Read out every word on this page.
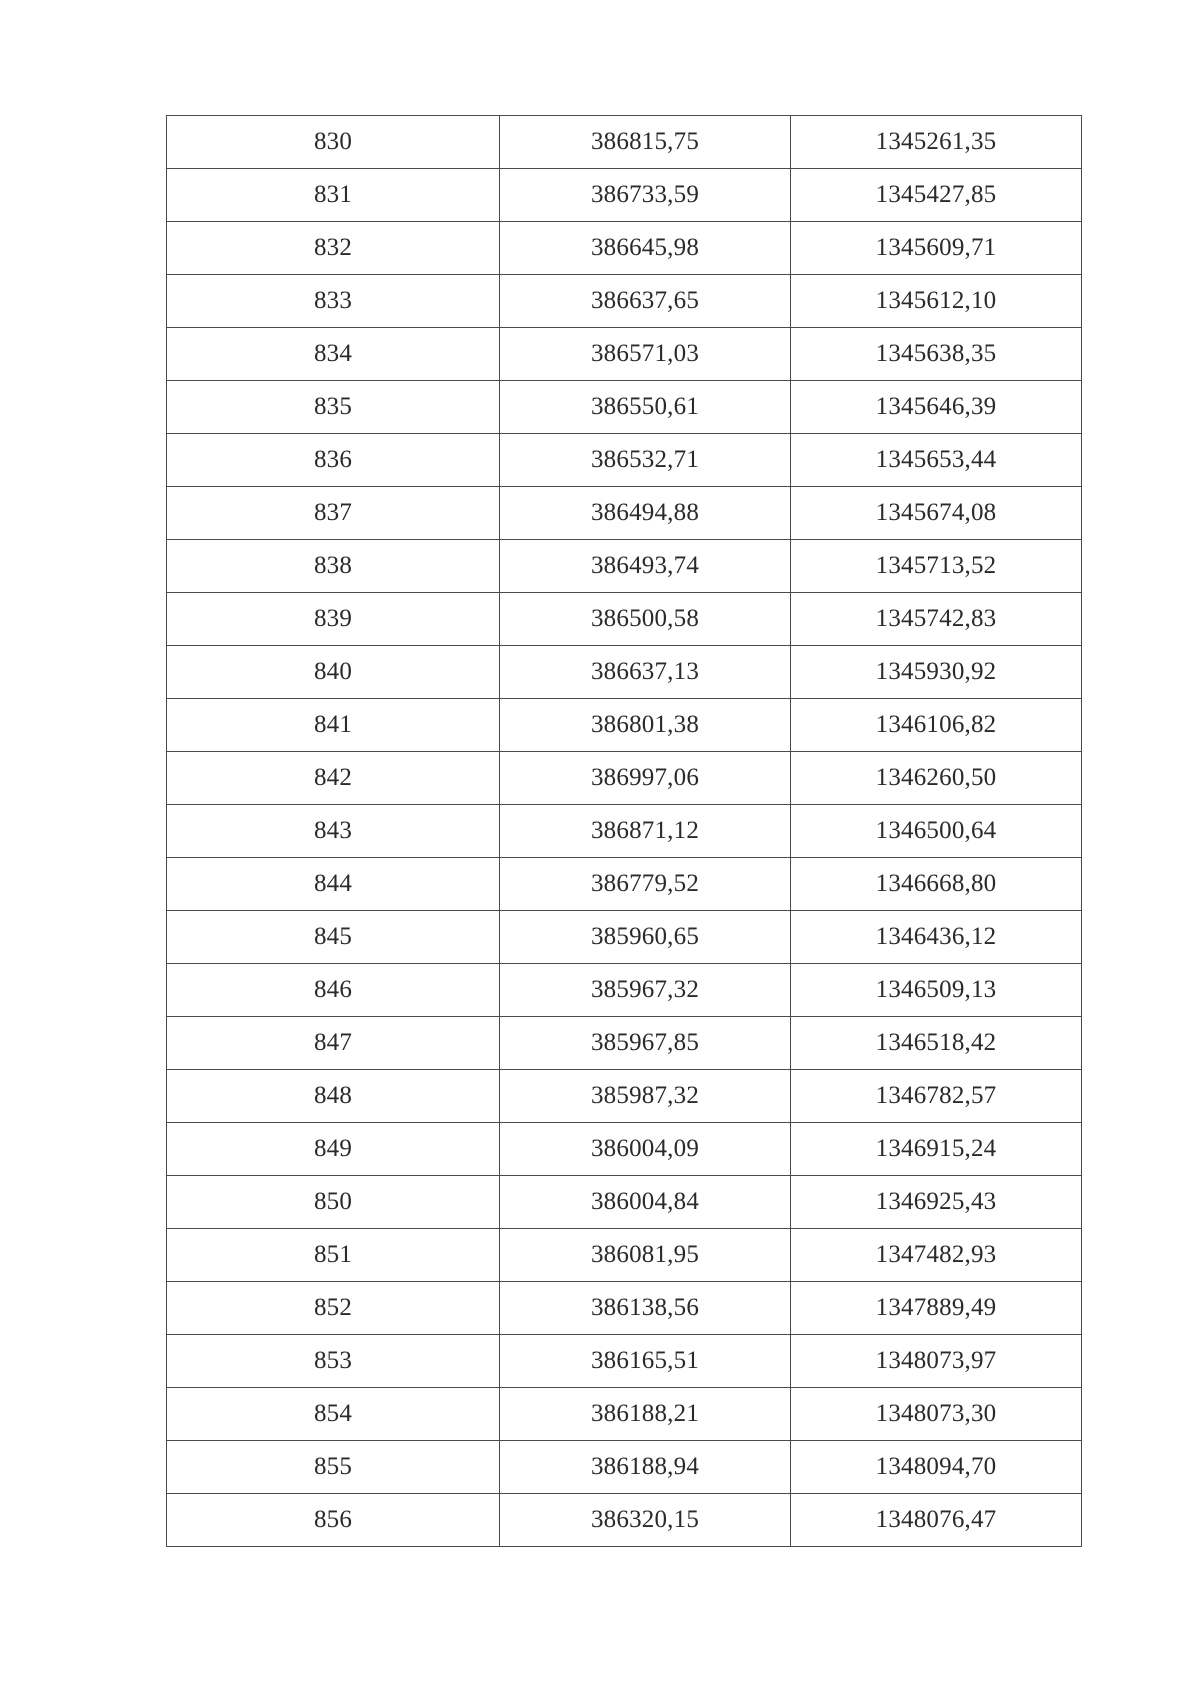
830	386815,75	1345261,35
831	386733,59	1345427,85
832	386645,98	1345609,71
833	386637,65	1345612,10
834	386571,03	1345638,35
835	386550,61	1345646,39
836	386532,71	1345653,44
837	386494,88	1345674,08
838	386493,74	1345713,52
839	386500,58	1345742,83
840	386637,13	1345930,92
841	386801,38	1346106,82
842	386997,06	1346260,50
843	386871,12	1346500,64
844	386779,52	1346668,80
845	385960,65	1346436,12
846	385967,32	1346509,13
847	385967,85	1346518,42
848	385987,32	1346782,57
849	386004,09	1346915,24
850	386004,84	1346925,43
851	386081,95	1347482,93
852	386138,56	1347889,49
853	386165,51	1348073,97
854	386188,21	1348073,30
855	386188,94	1348094,70
856	386320,15	1348076,47
